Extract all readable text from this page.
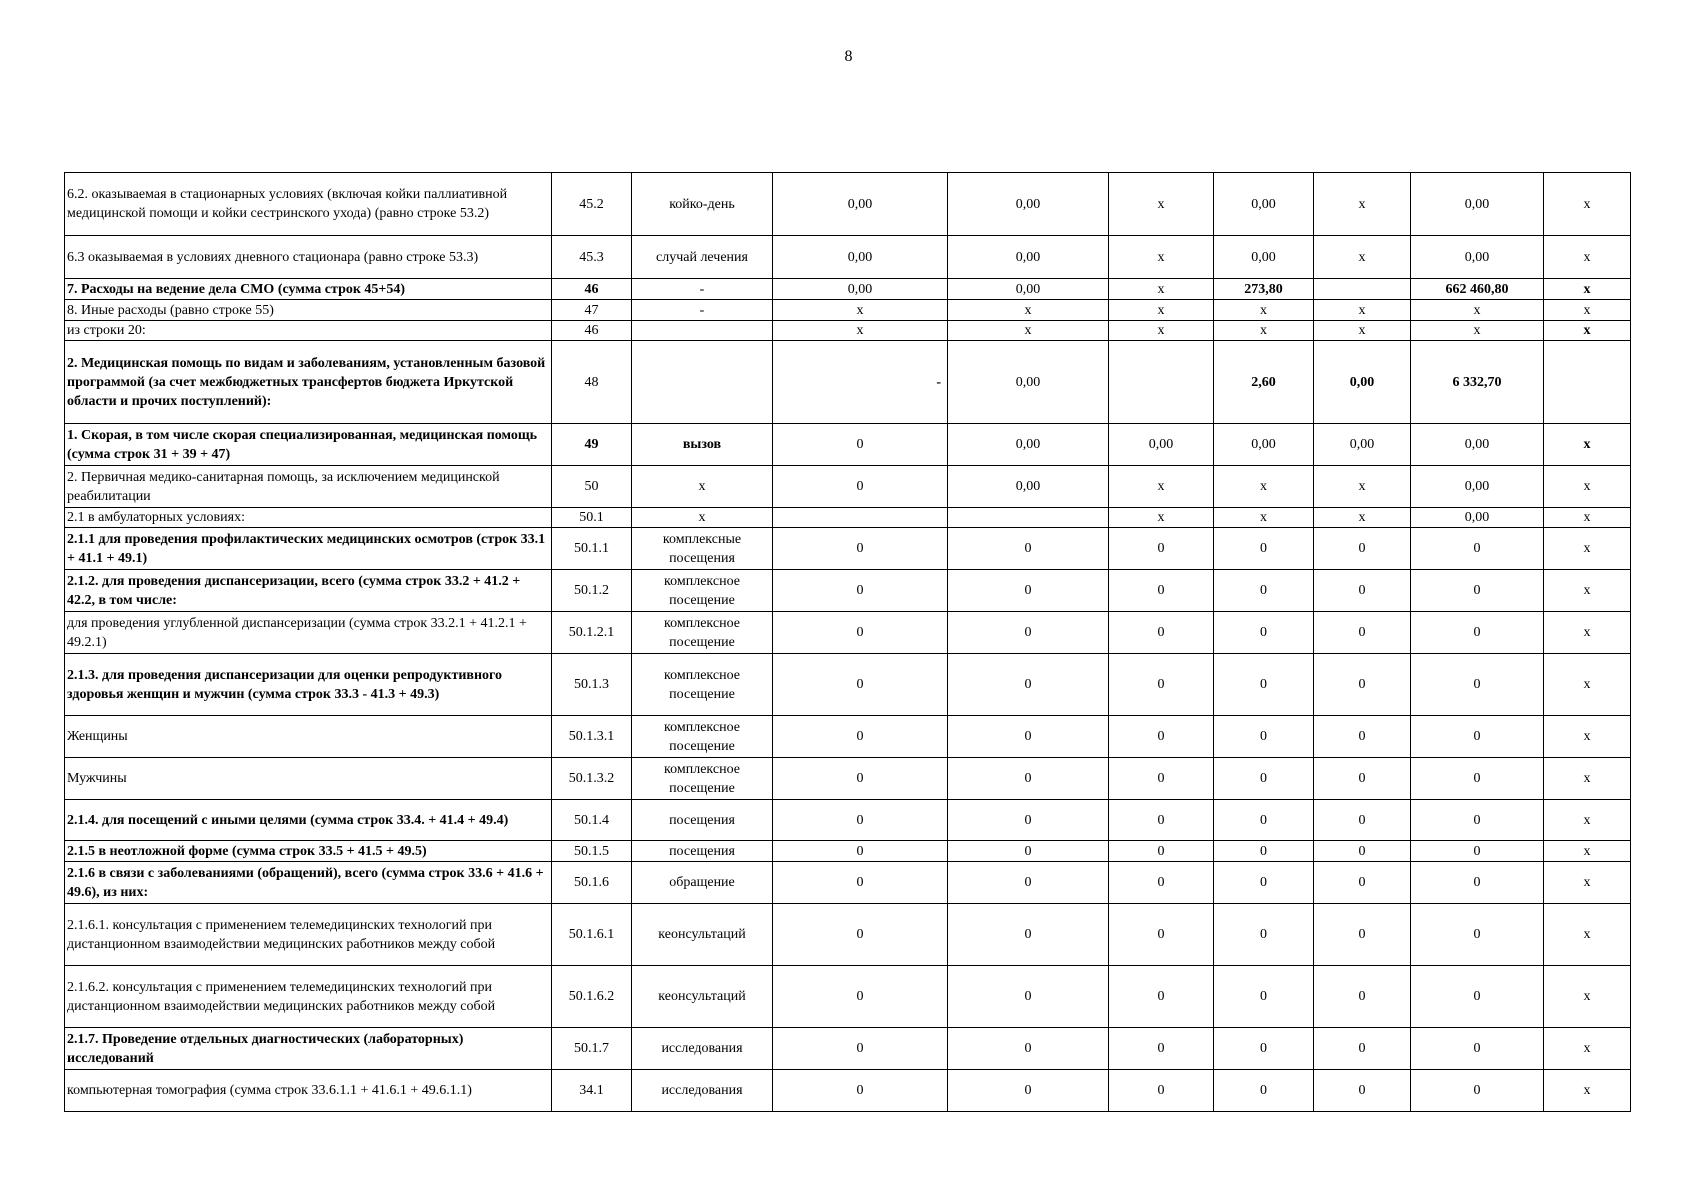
8
6.2. оказываемая в стационарных условиях (включая койки паллиативной медицинской помощи и койки сестринского ухода) (равно строке 53.2)	45.2	койко-день	0,00	0,00	x	0,00	x	0,00	x
6.3 оказываемая в условиях дневного стационара (равно строке 53.3)	45.3	случай лечения	0,00	0,00	x	0,00	x	0,00	x
7. Расходы на ведение дела СМО (сумма строк 45+54)	46	-	0,00	0,00	x	273,80		662 460,80	x
8. Иные расходы (равно строке 55)	47	-	x	x	x	x	x	x	x
из строки 20:	46		x	x	x	x	x	x	x
2. Медицинская помощь по видам и заболеваниям, установленным базовой программой (за счет межбюджетных трансфертов бюджета Иркутской области и прочих поступлений):	48		-	0,00		2,60	0,00	6 332,70	
1. Скорая, в том числе скорая специализированная, медицинская помощь (сумма строк 31 + 39 + 47)	49	вызов	0	0,00	0,00	0,00	0,00	0,00	x
2. Первичная медико-санитарная помощь, за исключением медицинской реабилитации	50	x	0	0,00	x	x	x	0,00	x
2.1 в амбулаторных условиях:	50.1	x			x	x	x	0,00	x
2.1.1 для проведения профилактических медицинских осмотров (строк 33.1 + 41.1 + 49.1)	50.1.1	комплексные посещения	0	0	0	0	0	0	x
2.1.2. для проведения диспансеризации, всего (сумма строк 33.2 + 41.2 + 42.2, в том числе:	50.1.2	комплексное посещение	0	0	0	0	0	0	x
для проведения углубленной диспансеризации (сумма строк 33.2.1 + 41.2.1 + 49.2.1)	50.1.2.1	комплексное посещение	0	0	0	0	0	0	x
2.1.3. для проведения диспансеризации для оценки репродуктивного здоровья женщин и мужчин (сумма строк 33.3 - 41.3 + 49.3)	50.1.3	комплексное посещение	0	0	0	0	0	0	x
Женщины	50.1.3.1	комплексное посещение	0	0	0	0	0	0	x
Мужчины	50.1.3.2	комплексное посещение	0	0	0	0	0	0	x
2.1.4. для посещений с иными целями (сумма строк 33.4. + 41.4 + 49.4)	50.1.4	посещения	0	0	0	0	0	0	x
2.1.5 в неотложной форме (сумма строк 33.5 + 41.5 + 49.5)	50.1.5	посещения	0	0	0	0	0	0	x
2.1.6 в связи с заболеваниями (обращений), всего (сумма строк 33.6 + 41.6 + 49.6), из них:	50.1.6	обращение	0	0	0	0	0	0	x
2.1.6.1. консультация с применением телемедицинских технологий при дистанционном взаимодействии медицинских работников между собой	50.1.6.1	кеонсультаций	0	0	0	0	0	0	x
2.1.6.2. консультация с применением телемедицинских технологий при дистанционном взаимодействии медицинских работников между собой	50.1.6.2	кеонсультаций	0	0	0	0	0	0	x
2.1.7. Проведение отдельных диагностических (лабораторных) исследований	50.1.7	исследования	0	0	0	0	0	0	x
компьютерная томография (сумма строк 33.6.1.1 + 41.6.1 + 49.6.1.1)	34.1	исследования	0	0	0	0	0	0	x
